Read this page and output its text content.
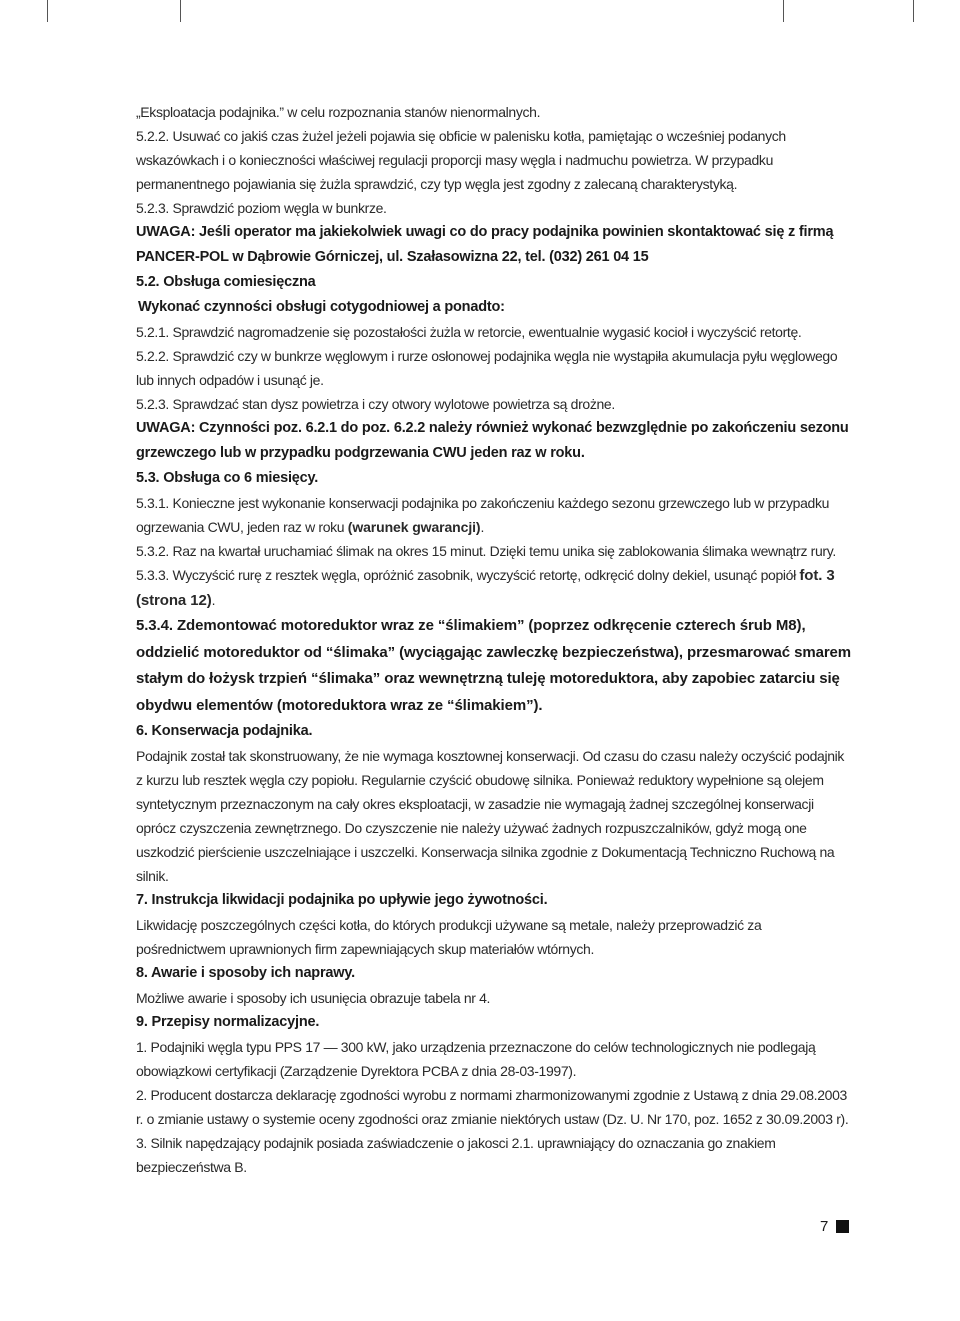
„Eksploatacja podajnika.” w celu rozpoznania stanów nienormalnych.

5.2.2. Usuwać co jakiś czas żużel jeżeli pojawia się obficie w palenisku kotła, pamiętając o wcześniej podanych wskazówkach i o konieczności właściwej regulacji proporcji masy węgla i nadmuchu powietrza. W przypadku permanentnego pojawiania się żużla sprawdzić, czy typ węgla jest zgodny z zalecaną charakterystyką.

5.2.3. Sprawdzić poziom węgla w bunkrze.

UWAGA: Jeśli operator ma jakiekolwiek uwagi co do pracy podajnika powinien skontaktować się z firmą PANCER-POL w Dąbrowie Górniczej, ul. Szałasowizna 22, tel. (032) 261 04 15

5.2. Obsługa comiesięczna

Wykonać czynności obsługi cotygodniowej a ponadto:

5.2.1. Sprawdzić nagromadzenie się pozostałości żużla w retorcie, ewentualnie wygasić kocioł i wyczyścić retortę.

5.2.2. Sprawdzić czy w bunkrze węglowym i rurze osłonowej podajnika węgla nie wystąpiła akumulacja pyłu węglowego lub innych odpadów i usunąć je.

5.2.3. Sprawdzać stan dysz powietrza i czy otwory wylotowe powietrza są drożne.

UWAGA: Czynności poz. 6.2.1 do poz. 6.2.2 należy również wykonać bezwzględnie po zakończeniu sezonu grzewczego lub w przypadku podgrzewania CWU jeden raz w roku.

5.3. Obsługa co 6 miesięcy.

5.3.1. Konieczne jest wykonanie konserwacji podajnika po zakończeniu każdego sezonu grzewczego lub w przypadku ogrzewania CWU, jeden raz w roku (warunek gwarancji).

5.3.2. Raz na kwartał uruchamiać ślimak na okres 15 minut. Dzięki temu unika się zablokowania ślimaka wewnątrz rury.

5.3.3. Wyczyścić rurę z resztek węgla, opróżnić zasobnik, wyczyścić retortę, odkręcić dolny dekiel, usunąć popiół fot. 3 (strona 12).

5.3.4. Zdemontować motoreduktor wraz ze “ślimakiem” (poprzez odkręcenie czterech śrub M8), oddzielić motoreduktor od “ślimaka” (wyciągając zawleczkę bezpieczeństwa), przesmarować smarem stałym do łożysk trzpień “ślimaka” oraz wewnętrzną tuleję motoreduktora, aby zapobiec zatarciu się obydwu elementów (motoreduktora wraz ze “ślimakiem”).

6. Konserwacja podajnika.

Podajnik został tak skonstruowany, że nie wymaga kosztownej konserwacji. Od czasu do czasu należy oczyścić podajnik z kurzu lub resztek węgla czy popiołu. Regularnie czyścić obudowę silnika. Ponieważ reduktory wypełnione są olejem syntetycznym przeznaczonym na cały okres eksploatacji, w zasadzie nie wymagają żadnej szczególnej konserwacji oprócz czyszczenia zewnętrznego. Do czyszczenie nie należy używać żadnych rozpuszczalników, gdyż mogą one uszkodzić pierścienie uszczelniające i uszczelki. Konserwacja silnika zgodnie z Dokumentacją Techniczno Ruchową na silnik.

7. Instrukcja likwidacji podajnika po upływie jego żywotności.

Likwidację poszczególnych części kotła, do których produkcji używane są metale, należy przeprowadzić za pośrednictwem uprawnionych firm zapewniających skup materiałów wtórnych.

8. Awarie i sposoby ich naprawy.

Możliwe awarie i sposoby ich usunięcia obrazuje tabela nr 4.

9. Przepisy normalizacyjne.

1. Podajniki węgla typu PPS 17 — 300 kW, jako urządzenia przeznaczone do celów technologicznych nie podlegają obowiązkowi certyfikacji (Zarządzenie Dyrektora PCBA z dnia 28-03-1997).

2. Producent dostarcza deklarację zgodności wyrobu z normami zharmonizowanymi zgodnie z Ustawą z dnia 29.08.2003 r. o zmianie ustawy o systemie oceny zgodności oraz zmianie niektórych ustaw (Dz. U. Nr 170, poz. 1652 z 30.09.2003 r).

3. Silnik napędzający podajnik posiada zaświadczenie o jakosci 2.1. uprawniający do oznaczania go znakiem bezpieczeństwa B.

7
